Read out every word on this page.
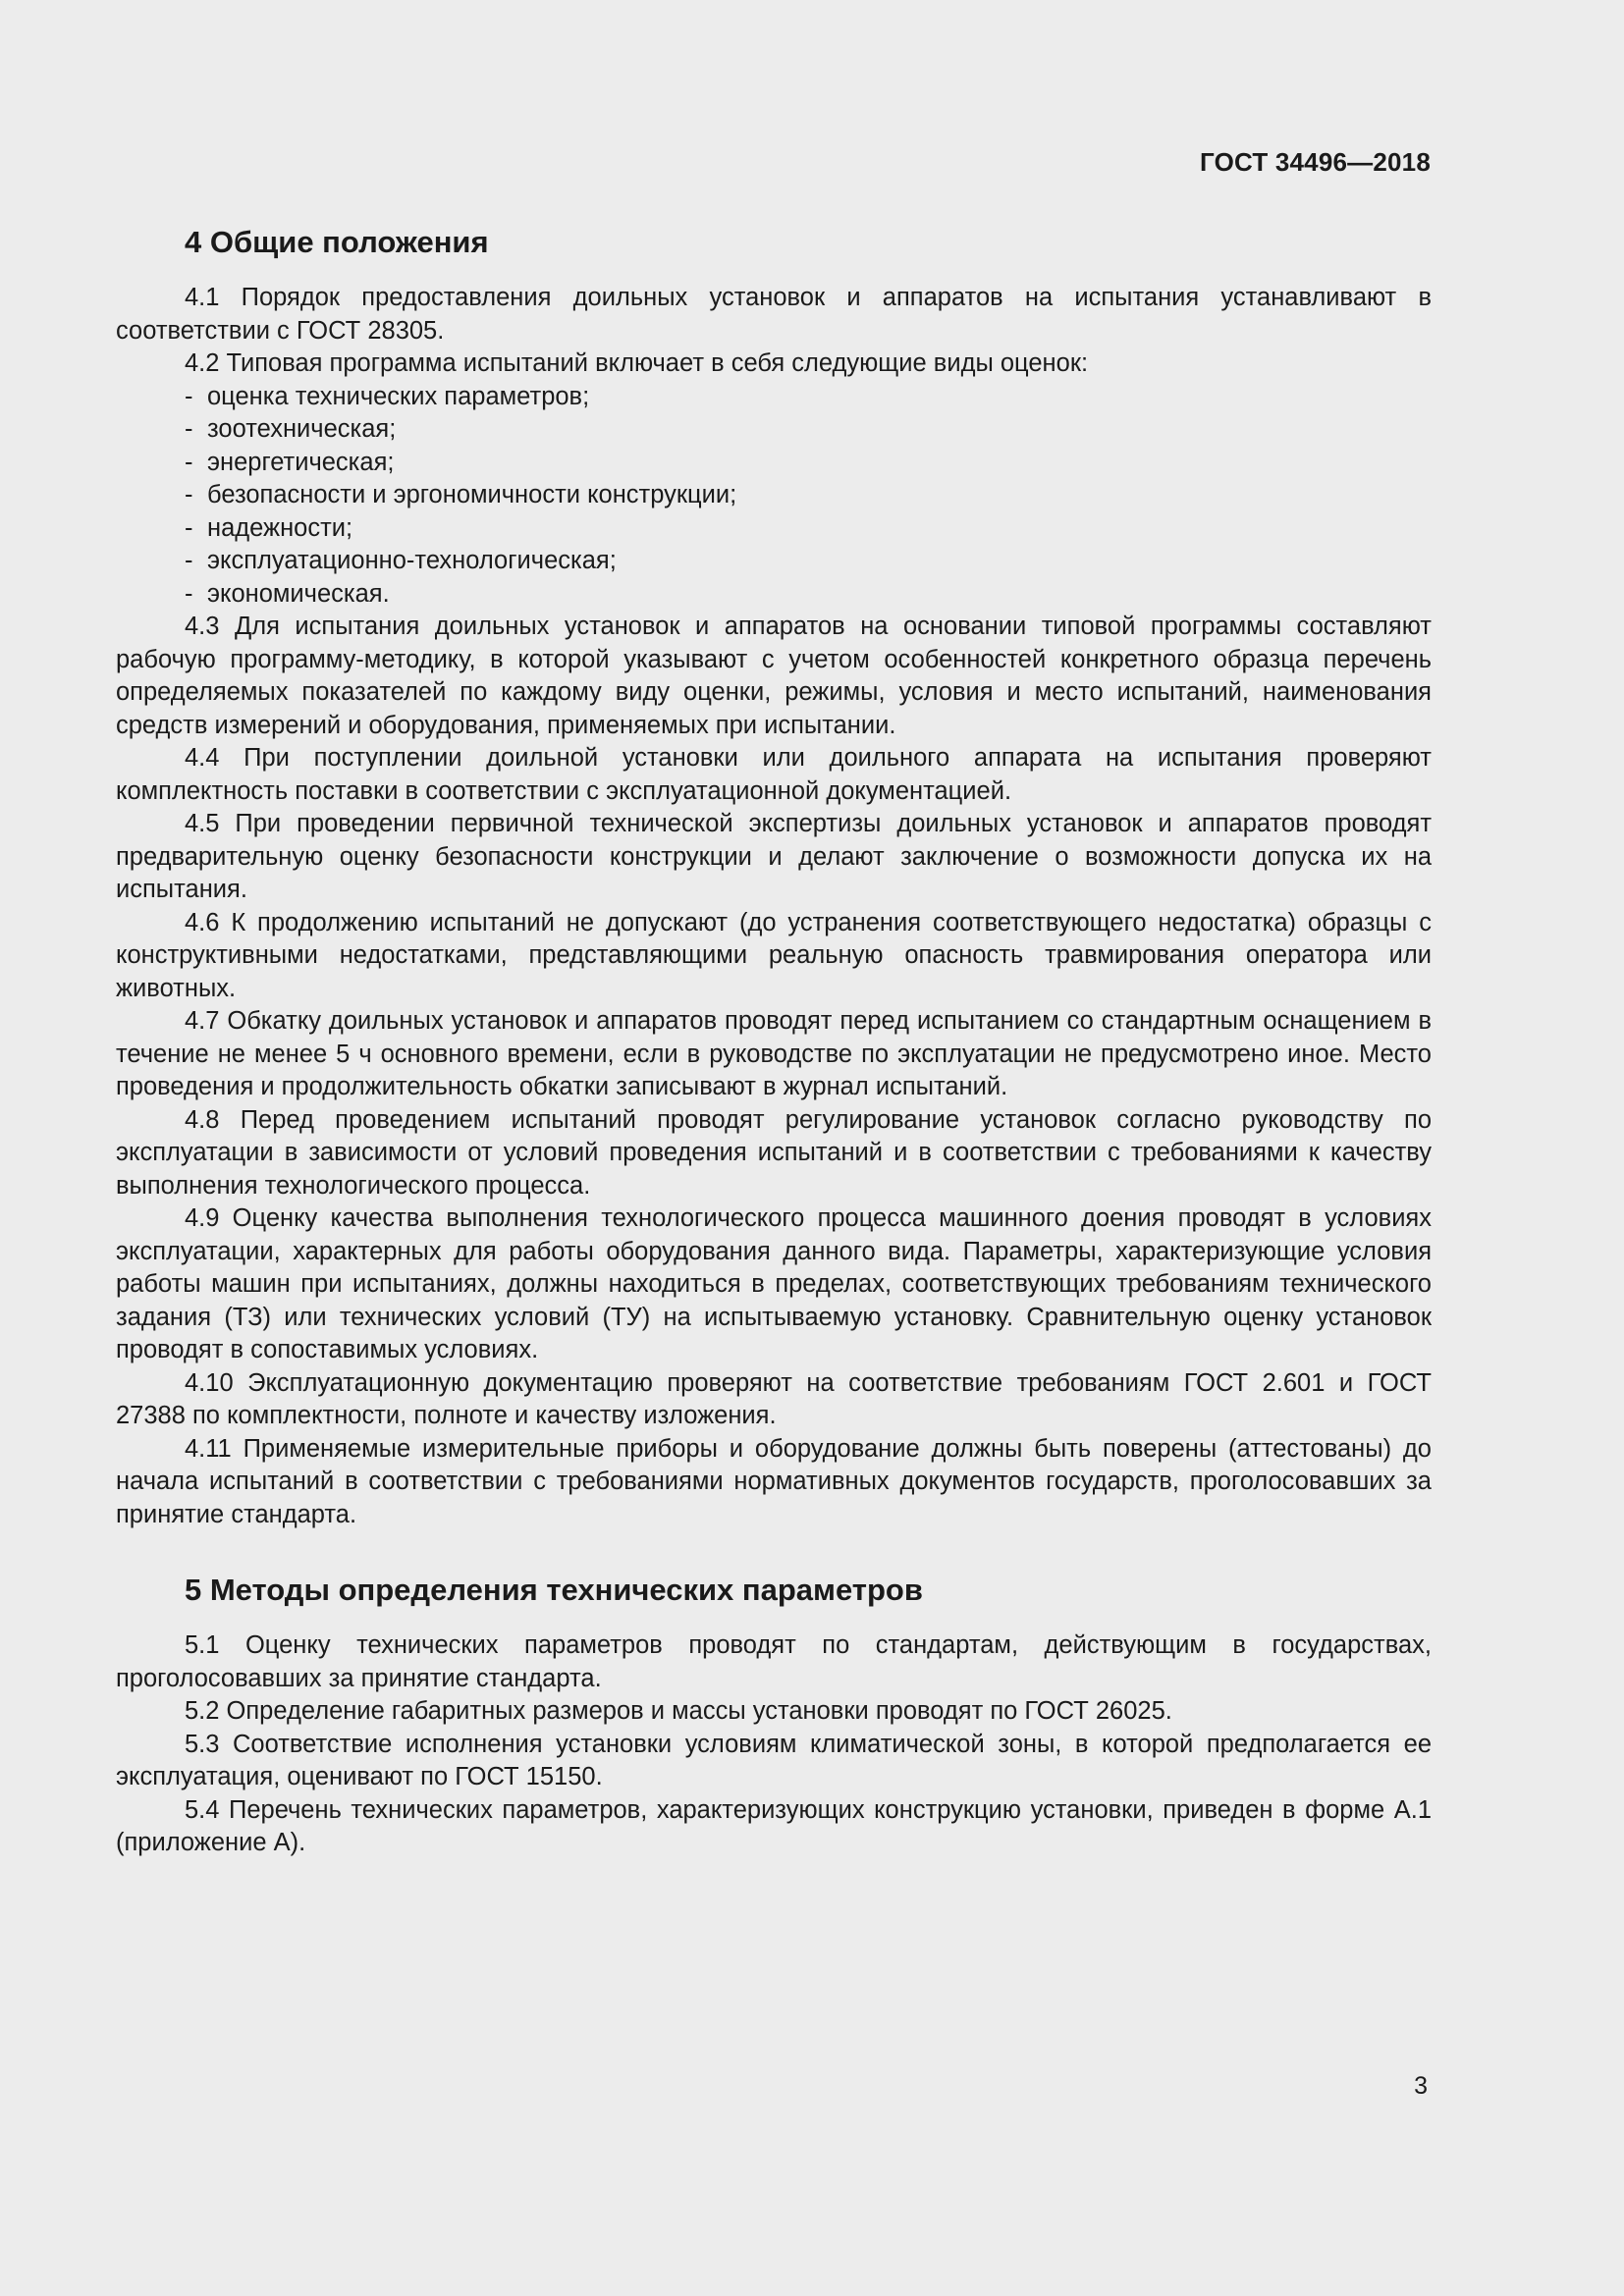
ГОСТ 34496—2018
4 Общие положения

4.1 Порядок предоставления доильных установок и аппаратов на испытания устанавливают в соответствии с ГОСТ 28305.

4.2 Типовая программа испытаний включает в себя следующие виды оценок:

- оценка технических параметров;
- зоотехническая;
- энергетическая;
- безопасности и эргономичности конструкции;
- надежности;
- эксплуатационно-технологическая;
- экономическая.

4.3 Для испытания доильных установок и аппаратов на основании типовой программы составляют рабочую программу-методику, в которой указывают с учетом особенностей конкретного образца перечень определяемых показателей по каждому виду оценки, режимы, условия и место испытаний, наименования средств измерений и оборудования, применяемых при испытании.

4.4 При поступлении доильной установки или доильного аппарата на испытания проверяют комплектность поставки в соответствии с эксплуатационной документацией.

4.5 При проведении первичной технической экспертизы доильных установок и аппаратов проводят предварительную оценку безопасности конструкции и делают заключение о возможности допуска их на испытания.

4.6 К продолжению испытаний не допускают (до устранения соответствующего недостатка) образцы с конструктивными недостатками, представляющими реальную опасность травмирования оператора или животных.

4.7 Обкатку доильных установок и аппаратов проводят перед испытанием со стандартным оснащением в течение не менее 5 ч основного времени, если в руководстве по эксплуатации не предусмотрено иное. Место проведения и продолжительность обкатки записывают в журнал испытаний.

4.8 Перед проведением испытаний проводят регулирование установок согласно руководству по эксплуатации в зависимости от условий проведения испытаний и в соответствии с требованиями к качеству выполнения технологического процесса.

4.9 Оценку качества выполнения технологического процесса машинного доения проводят в условиях эксплуатации, характерных для работы оборудования данного вида. Параметры, характеризующие условия работы машин при испытаниях, должны находиться в пределах, соответствующих требованиям технического задания (ТЗ) или технических условий (ТУ) на испытываемую установку. Сравнительную оценку установок проводят в сопоставимых условиях.

4.10 Эксплуатационную документацию проверяют на соответствие требованиям ГОСТ 2.601 и ГОСТ 27388 по комплектности, полноте и качеству изложения.

4.11 Применяемые измерительные приборы и оборудование должны быть поверены (аттестованы) до начала испытаний в соответствии с требованиями нормативных документов государств, проголосовавших за принятие стандарта.

5 Методы определения технических параметров

5.1 Оценку технических параметров проводят по стандартам, действующим в государствах, проголосовавших за принятие стандарта.

5.2 Определение габаритных размеров и массы установки проводят по ГОСТ 26025.

5.3 Соответствие исполнения установки условиям климатической зоны, в которой предполагается ее эксплуатация, оценивают по ГОСТ 15150.

5.4 Перечень технических параметров, характеризующих конструкцию установки, приведен в форме А.1 (приложение А).

3
